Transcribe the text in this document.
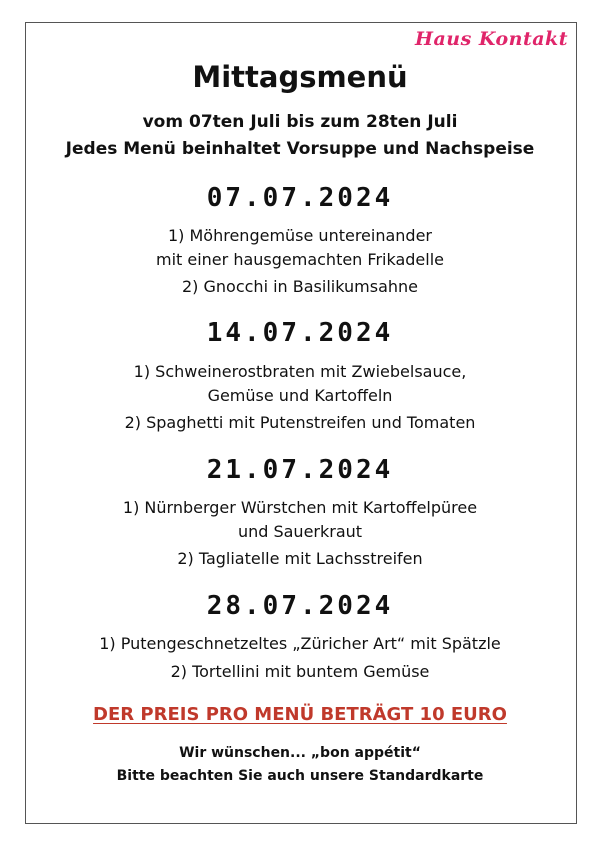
Haus Kontakt
Mittagsmenü
vom 07ten Juli bis zum 28ten Juli
Jedes Menü beinhaltet Vorsuppe und Nachspeise
07.07.2024
1) Möhrengemüse untereinander
mit einer hausgemachten Frikadelle
2) Gnocchi in Basilikumsahne
14.07.2024
1) Schweinerostbraten mit Zwiebelsauce,
Gemüse und Kartoffeln
2) Spaghetti mit Putenstreifen und Tomaten
21.07.2024
1) Nürnberger Würstchen mit Kartoffelpüree
und Sauerkraut
2) Tagliatelle mit Lachsstreifen
28.07.2024
1) Putengeschnetzeltes „Züricher Art“ mit Spätzle
2) Tortellini mit buntem Gemüse
DER PREIS PRO MENÜ BETRÄGT 10 EURO
Wir wünschen... „bon appétit“
Bitte beachten Sie auch unsere Standardkarte
